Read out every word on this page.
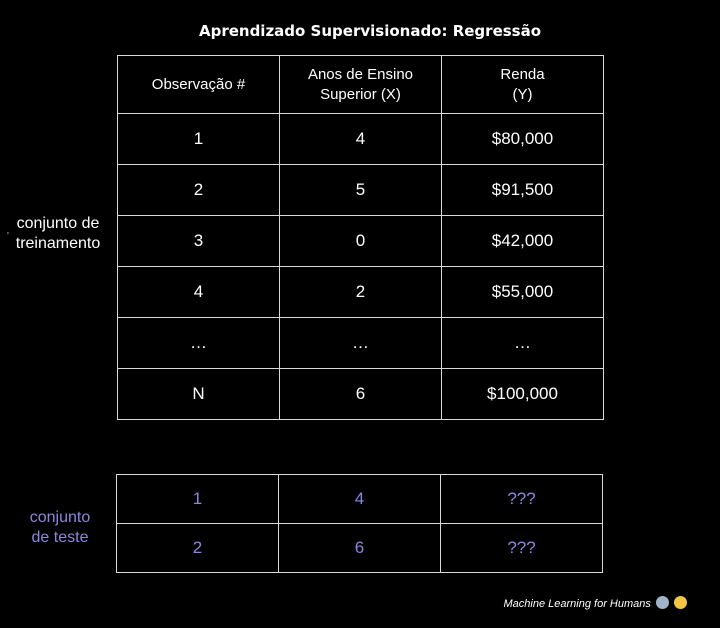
Aprendizado Supervisionado: Regressão
Observação #	Anos de Ensino Superior (X)	Renda (Y)

1	4	$80,000
2	5	$91,500
3	0	$42,000
4	2	$55,000
…	…	…
N	6	$100,000
'
conjunto de treinamento
1	4	???
2	6	???
conjunto de teste
Machine Learning for Humans
